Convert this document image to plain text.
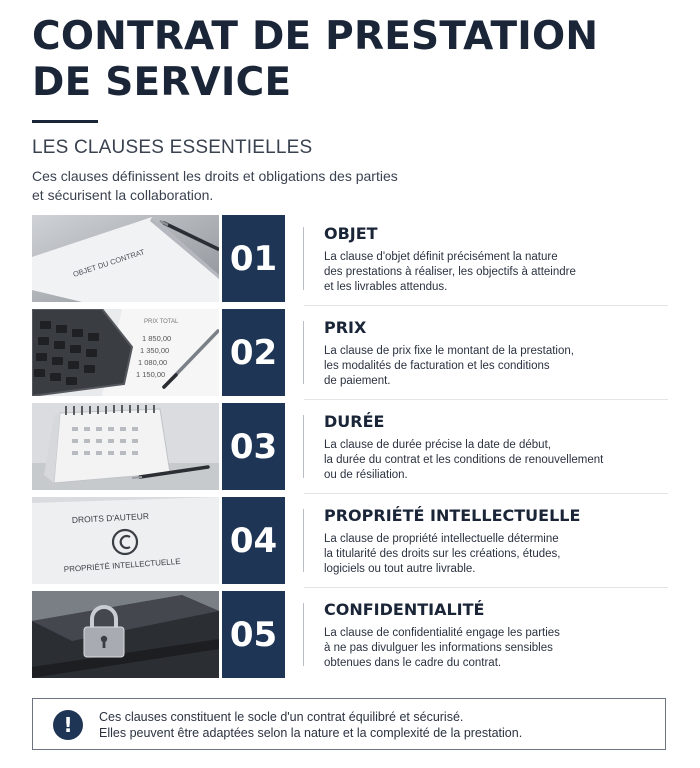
CONTRAT DE PRESTATION
DE SERVICE
LES CLAUSES ESSENTIELLES
Ces clauses définissent les droits et obligations des parties
et sécurisent la collaboration.
OBJET DU CONTRAT 01
OBJET
La clause d'objet définit précisément la nature
des prestations à réaliser, les objectifs à atteindre
et les livrables attendus.
PRIX TOTAL
1 850,00
1 350,00
1 080,00
1 150,00
02
PRIX
La clause de prix fixe le montant de la prestation,
les modalités de facturation et les conditions
de paiement.
03
DURÉE
La clause de durée précise la date de début,
la durée du contrat et les conditions de renouvellement
ou de résiliation.
DROITS D'AUTEUR
PROPRIÉTÉ INTELLECTUELLE
04
PROPRIÉTÉ INTELLECTUELLE
La clause de propriété intellectuelle détermine
la titularité des droits sur les créations, études,
logiciels ou tout autre livrable.
05
CONFIDENTIALITÉ
La clause de confidentialité engage les parties
à ne pas divulguer les informations sensibles
obtenues dans le cadre du contrat.
!	Ces clauses constituent le socle d'un contrat équilibré et sécurisé.
Elles peuvent être adaptées selon la nature et la complexité de la prestation.
